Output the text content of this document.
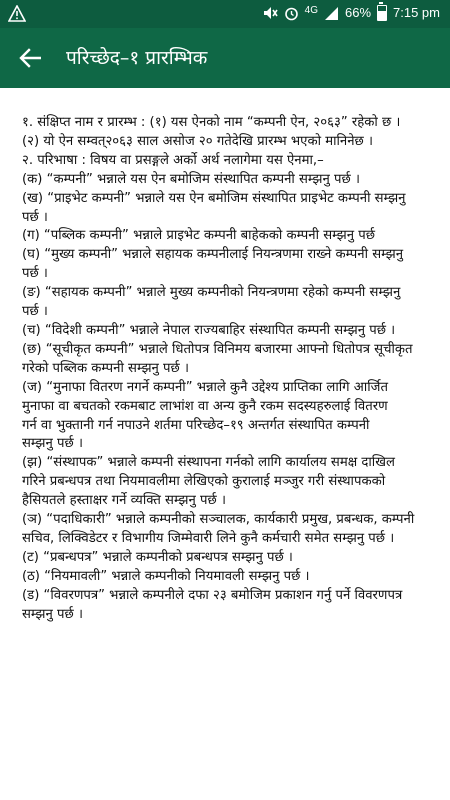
4G 66% 7:15 pm
परिच्छेद–१ प्रारम्भिक
१. संक्षिप्त नाम र प्रारम्भ : (१) यस ऐनको नाम “कम्पनी ऐन, २०६३” रहेको छ ।
(२) यो ऐन सम्वत्२०६३ साल असोज २० गतेदेखि प्रारम्भ भएको मानिनेछ ।
२. परिभाषा : विषय वा प्रसङ्गले अर्को अर्थ नलागेमा यस ऐनमा,–
(क) “कम्पनी” भन्नाले यस ऐन बमोजिम संस्थापित कम्पनी सम्झनु पर्छ ।
(ख) “प्राइभेट कम्पनी” भन्नाले यस ऐन बमोजिम संस्थापित प्राइभेट कम्पनी सम्झनु
पर्छ ।
(ग) “पब्लिक कम्पनी” भन्नाले प्राइभेट कम्पनी बाहेकको कम्पनी सम्झनु पर्छ
(घ) “मुख्य कम्पनी” भन्नाले सहायक कम्पनीलाई नियन्त्रणमा राख्ने कम्पनी सम्झनु
पर्छ ।
(ङ) “सहायक कम्पनी” भन्नाले मुख्य कम्पनीको नियन्त्रणमा रहेको कम्पनी सम्झनु
पर्छ ।
(च) “विदेशी कम्पनी” भन्नाले नेपाल राज्यबाहिर संस्थापित कम्पनी सम्झनु पर्छ ।
(छ) “सूचीकृत कम्पनी” भन्नाले धितोपत्र विनिमय बजारमा आफ्नो धितोपत्र सूचीकृत
गरेको पब्लिक कम्पनी सम्झनु पर्छ ।
(ज) “मुनाफा वितरण नगर्ने कम्पनी” भन्नाले कुनै उद्देश्य प्राप्तिका लागि आर्जित
मुनाफा वा बचतको रकमबाट लाभांश वा अन्य कुनै रकम सदस्यहरुलाई वितरण
गर्न वा भुक्तानी गर्न नपाउने शर्तमा परिच्छेद–१९ अन्तर्गत संस्थापित कम्पनी
सम्झनु पर्छ ।
(झ) “संस्थापक” भन्नाले कम्पनी संस्थापना गर्नको लागि कार्यालय समक्ष दाखिल
गरिने प्रबन्धपत्र तथा नियमावलीमा लेखिएको कुरालाई मञ्जुर गरी संस्थापकको
हैसियतले हस्ताक्षर गर्ने व्यक्ति सम्झनु पर्छ ।
(ञ) “पदाधिकारी” भन्नाले कम्पनीको सञ्चालक, कार्यकारी प्रमुख, प्रबन्धक, कम्पनी
सचिव, लिक्विडेटर र विभागीय जिम्मेवारी लिने कुनै कर्मचारी समेत सम्झनु पर्छ ।
(ट) “प्रबन्धपत्र” भन्नाले कम्पनीको प्रबन्धपत्र सम्झनु पर्छ ।
(ठ) “नियमावली” भन्नाले कम्पनीको नियमावली सम्झनु पर्छ ।
(ड) “विवरणपत्र” भन्नाले कम्पनीले दफा २३ बमोजिम प्रकाशन गर्नु पर्ने विवरणपत्र
सम्झनु पर्छ ।
